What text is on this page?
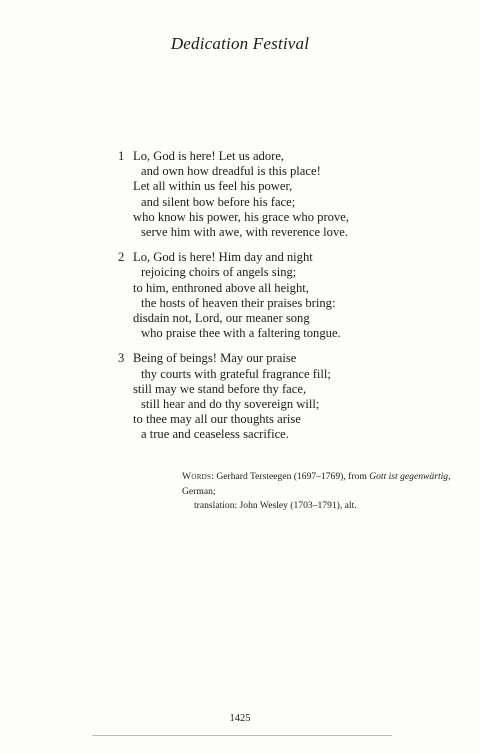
Dedication Festival
1 Lo, God is here! Let us adore,
and own how dreadful is this place!
Let all within us feel his power,
and silent bow before his face;
who know his power, his grace who prove,
serve him with awe, with reverence love.
2 Lo, God is here! Him day and night
rejoicing choirs of angels sing;
to him, enthroned above all height,
the hosts of heaven their praises bring:
disdain not, Lord, our meaner song
who praise thee with a faltering tongue.
3 Being of beings! May our praise
thy courts with grateful fragrance fill;
still may we stand before thy face,
still hear and do thy sovereign will;
to thee may all our thoughts arise
a true and ceaseless sacrifice.
Words: Gerhard Tersteegen (1697–1769), from Gott ist gegenwärtig, German;
translation: John Wesley (1703–1791), alt.
1425
